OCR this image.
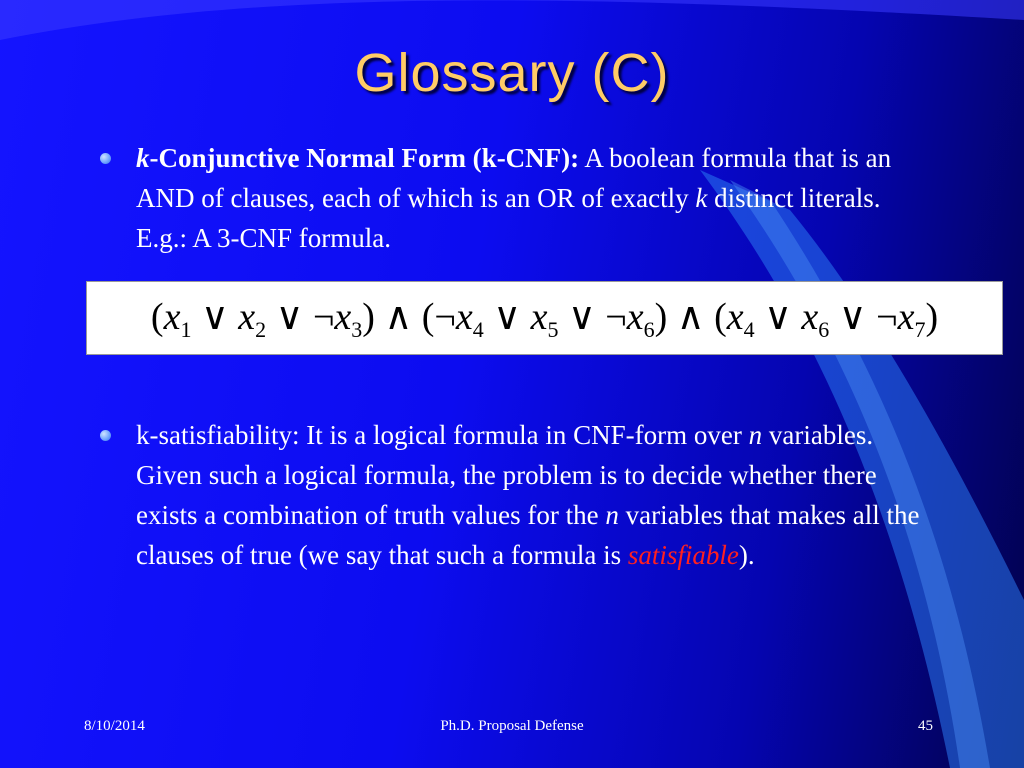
Glossary (C)
k-Conjunctive Normal Form (k-CNF): A boolean formula that is an AND of clauses, each of which is an OR of exactly k distinct literals. E.g.: A 3-CNF formula.
($x_1$ ∨ $x_2$ ∨ $\neg x_3$) ∧ ($\neg x_4$ ∨ $x_5$ ∨ $\neg x_6$) ∧ ($x_4$ ∨ $x_6$ ∨ $\neg x_7$)
k-satisfiability: It is a logical formula in CNF-form over n variables. Given such a logical formula, the problem is to decide whether there exists a combination of truth values for the n variables that makes all the clauses of true (we say that such a formula is satisfiable).
8/10/2014	Ph.D. Proposal Defense	45
